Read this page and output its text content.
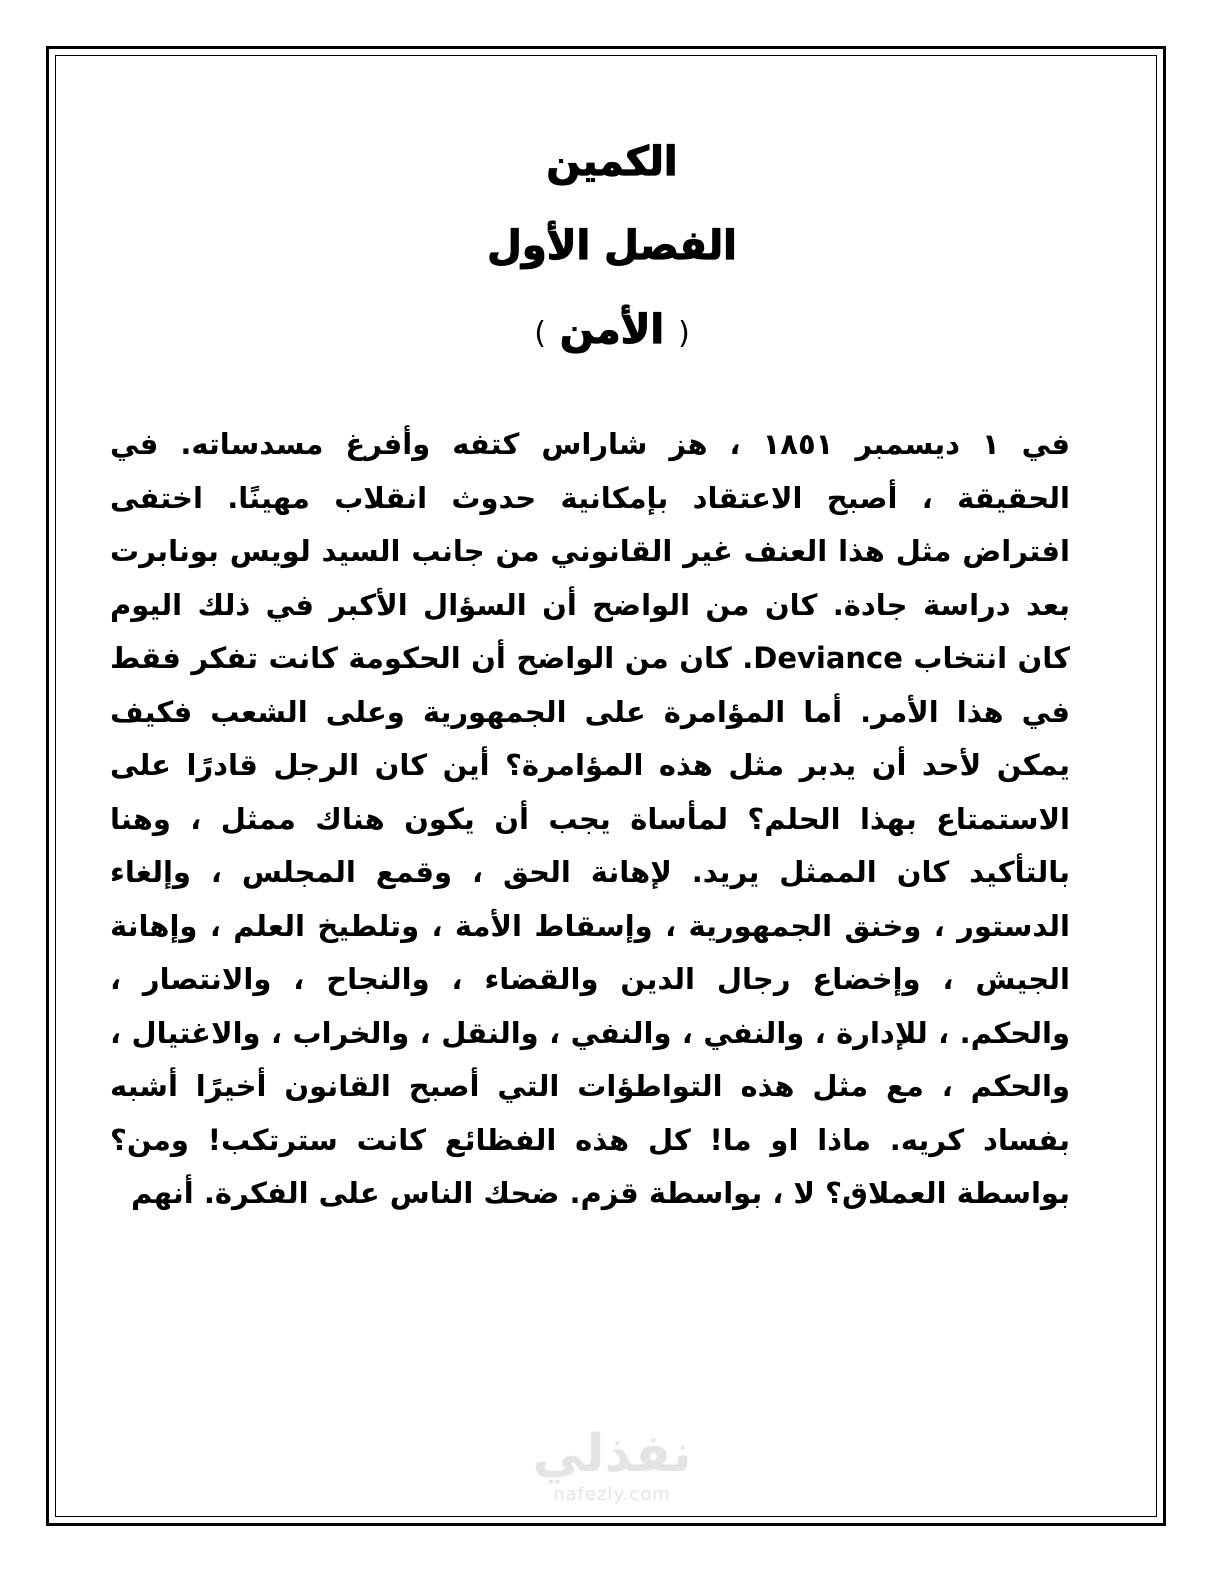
الكمين

الفصل الأول

( الأمن )

في ١ ديسمبر ١٨٥١ ، هز شاراس كتفه وأفرغ مسدساته. في الحقيقة ، أصبح الاعتقاد بإمكانية حدوث انقلاب مهينًا. اختفى افتراض مثل هذا العنف غير القانوني من جانب السيد لويس بونابرت بعد دراسة جادة. كان من الواضح أن السؤال الأكبر في ذلك اليوم كان انتخاب Deviance. كان من الواضح أن الحكومة كانت تفكر فقط في هذا الأمر. أما المؤامرة على الجمهورية وعلى الشعب فكيف يمكن لأحد أن يدبر مثل هذه المؤامرة؟ أين كان الرجل قادرًا على الاستمتاع بهذا الحلم؟ لمأساة يجب أن يكون هناك ممثل ، وهنا بالتأكيد كان الممثل يريد. لإهانة الحق ، وقمع المجلس ، وإلغاء الدستور ، وخنق الجمهورية ، وإسقاط الأمة ، وتلطيخ العلم ، وإهانة الجيش ، وإخضاع رجال الدين والقضاء ، والنجاح ، والانتصار ، والحكم. ، للإدارة ، والنفي ، والنفي ، والنقل ، والخراب ، والاغتيال ، والحكم ، مع مثل هذه التواطؤات التي أصبح القانون أخيرًا أشبه بفساد كريه. ماذا او ما! كل هذه الفظائع كانت سترتكب! ومن؟ بواسطة العملاق؟ لا ، بواسطة قزم. ضحك الناس على الفكرة. أنهم

نفذلي

nafezly.com
